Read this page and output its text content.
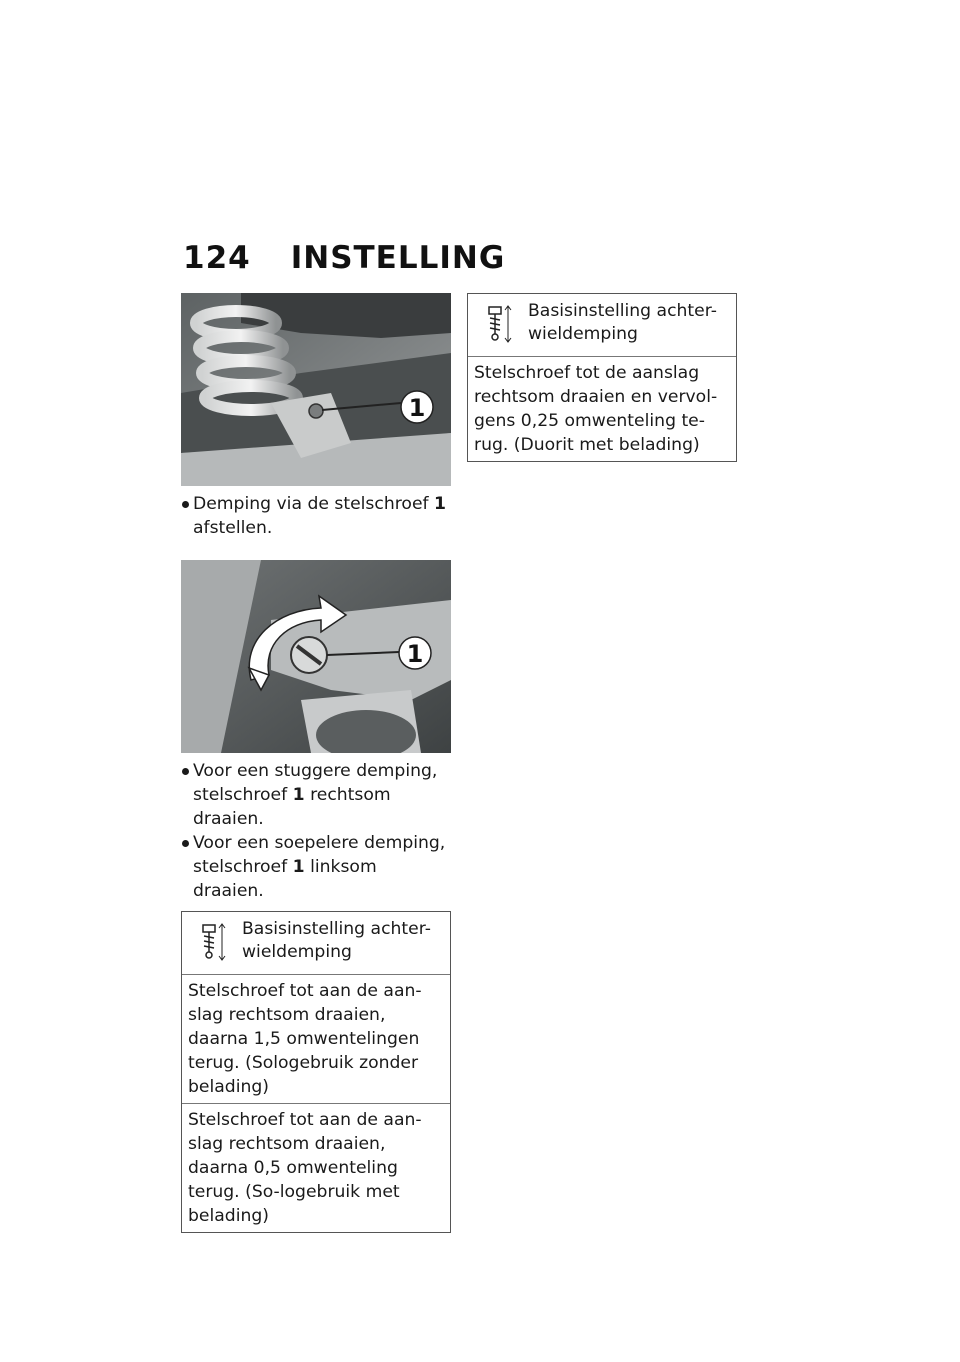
124 INSTELLING
1
Demping via de stelschroef 1 afstellen.
1
Voor een stuggere demping, stelschroef 1 rechtsom draaien.
Voor een soepelere demping, stelschroef 1 linksom draaien.
Basisinstelling achter-wieldemping
Stelschroef tot aan de aan-slag rechtsom draaien, daarna 1,5 omwentelingen terug. (Sologebruik zonder belading)
Stelschroef tot aan de aan-slag rechtsom draaien, daarna 0,5 omwenteling terug. (So-logebruik met belading)
Basisinstelling achter-wieldemping
Stelschroef tot de aanslag rechtsom draaien en vervol-gens 0,25 omwenteling te-rug. (Duorit met belading)
